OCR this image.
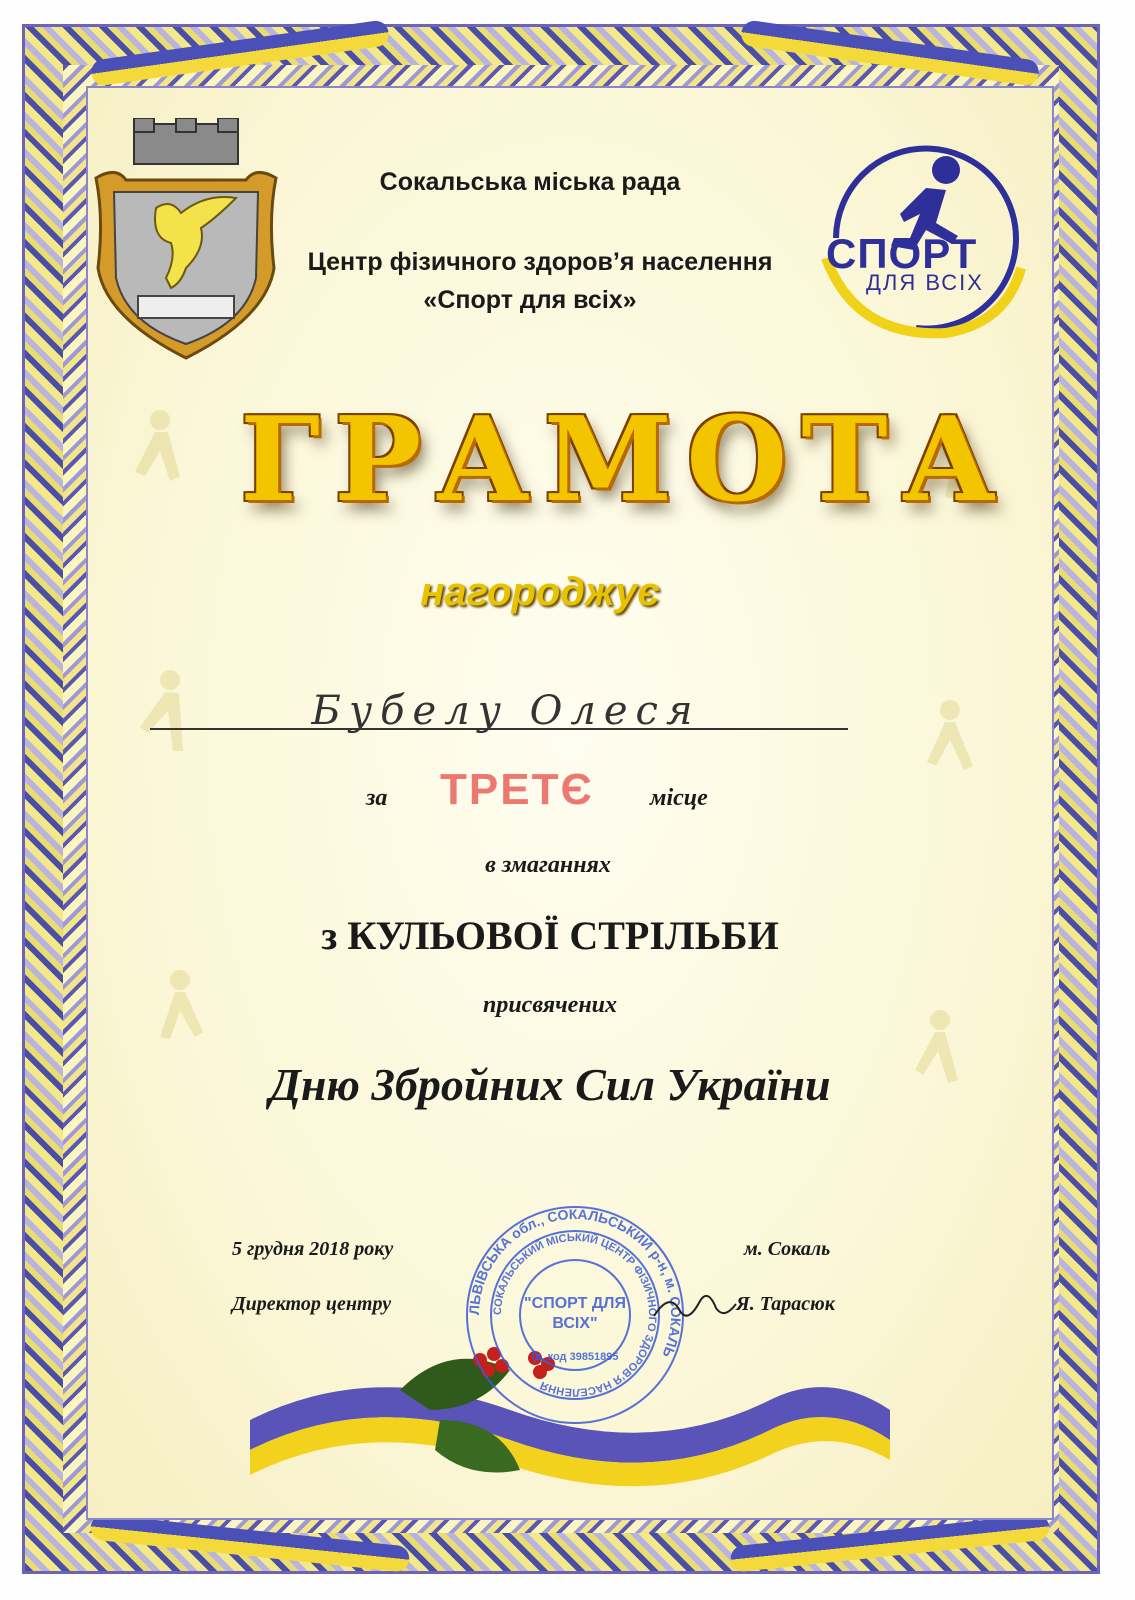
Сокальська міська рада
Центр фізичного здоров’я населення
«Спорт для всіх»
СПОРТ
ДЛЯ ВСІХ
ГРАМОТА
нагороджує
Бубелу Олеся
за ТРЕТЄ місце
в змаганнях
з КУЛЬОВОЇ СТРІЛЬБИ
присвячених
Дню Збройних Сил України
ЛЬВІВСЬКА обл., СОКАЛЬСЬКИЙ р-н, м. СОКАЛЬ
СОКАЛЬСЬКИЙ МІСЬКИЙ ЦЕНТР ФІЗИЧНОГО ЗДОРОВ’Я НАСЕЛЕННЯ
"СПОРТ ДЛЯ
ВСІХ"
Ід. код 39851895
5 грудня 2018 року	м. Сокаль
Директор центру	Я. Тарасюк
